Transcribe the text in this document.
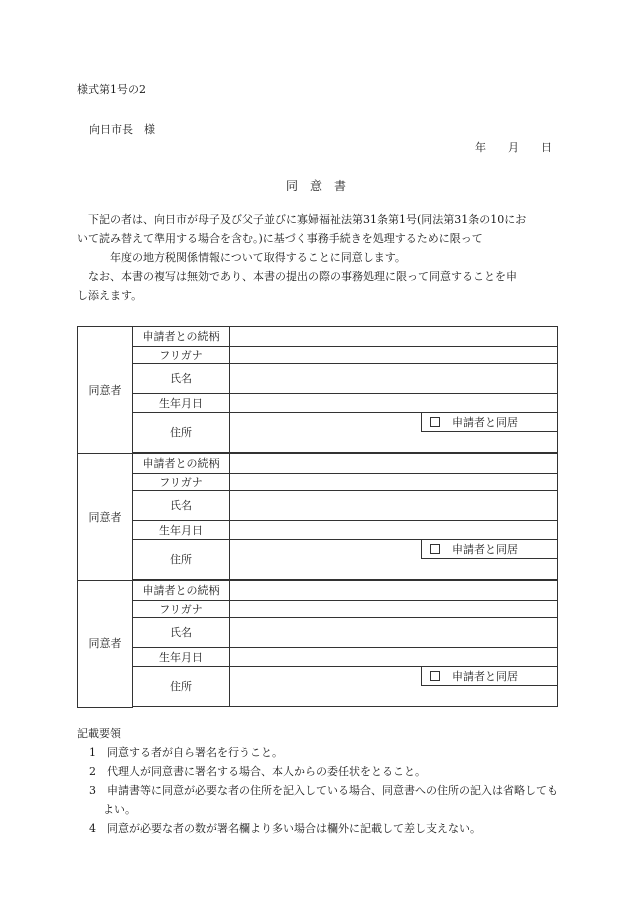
様式第1号の2
向日市長　様
年　　月　　日
同　意　書
下記の者は、向日市が母子及び父子並びに寡婦福祉法第31条第1号(同法第31条の10にお
いて読み替えて準用する場合を含む。)に基づく事務手続きを処理するために限って
年度の地方税関係情報について取得することに同意します。
なお、本書の複写は無効であり、本書の提出の際の事務処理に限って同意することを申
し添えます。
同意者	申請者との続柄	
	フリガナ	
	氏名	
	生年月日	
	住所	申請者と同居

同意者	申請者との続柄	
	フリガナ	
	氏名	
	生年月日	
	住所	申請者と同居

同意者	申請者との続柄	
	フリガナ	
	氏名	
	生年月日	
	住所	申請者と同居

記載要領
1　同意する者が自ら署名を行うこと。
2　代理人が同意書に署名する場合、本人からの委任状をとること。
3　申請書等に同意が必要な者の住所を記入している場合、同意書への住所の記入は省略してもよい。
4　同意が必要な者の数が署名欄より多い場合は欄外に記載して差し支えない。
